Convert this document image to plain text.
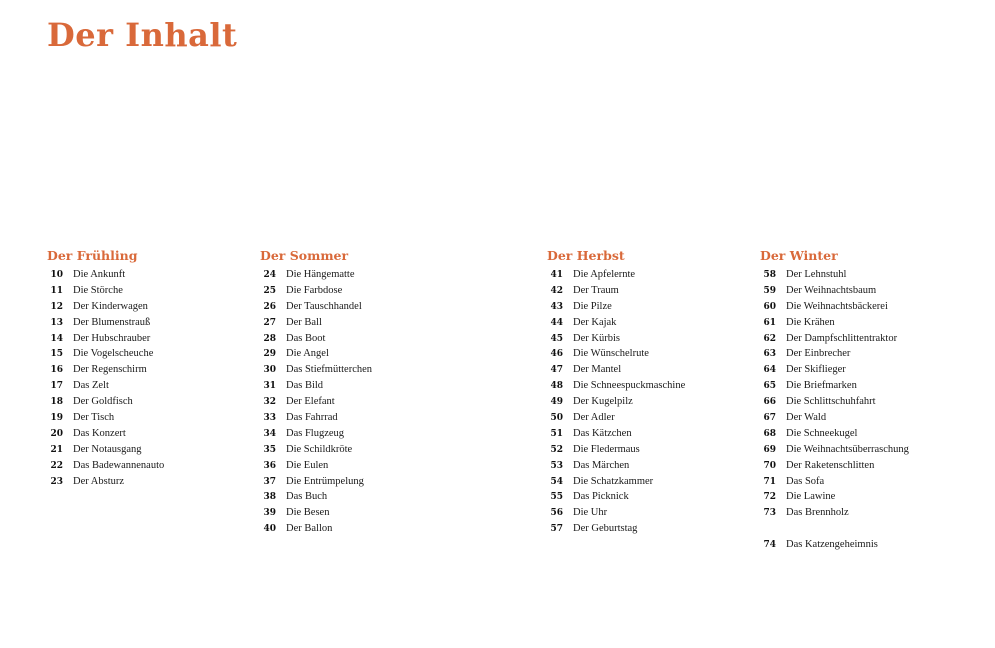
Der Inhalt
Der Frühling
10 Die Ankunft
11 Die Störche
12 Der Kinderwagen
13 Der Blumenstrauß
14 Der Hubschrauber
15 Die Vogelscheuche
16 Der Regenschirm
17 Das Zelt
18 Der Goldfisch
19 Der Tisch
20 Das Konzert
21 Der Notausgang
22 Das Badewannenauto
23 Der Absturz
Der Sommer
24 Die Hängematte
25 Die Farbdose
26 Der Tauschhandel
27 Der Ball
28 Das Boot
29 Die Angel
30 Das Stiefmütterchen
31 Das Bild
32 Der Elefant
33 Das Fahrrad
34 Das Flugzeug
35 Die Schildkröte
36 Die Eulen
37 Die Entrümpelung
38 Das Buch
39 Die Besen
40 Der Ballon
Der Herbst
41 Die Apfelernte
42 Der Traum
43 Die Pilze
44 Der Kajak
45 Der Kürbis
46 Die Wünschelrute
47 Der Mantel
48 Die Schneespuckmaschine
49 Der Kugelpilz
50 Der Adler
51 Das Kätzchen
52 Die Fledermaus
53 Das Märchen
54 Die Schatzkammer
55 Das Picknick
56 Die Uhr
57 Der Geburtstag
Der Winter
58 Der Lehnstuhl
59 Der Weihnachtsbaum
60 Die Weihnachtsbäckerei
61 Die Krähen
62 Der Dampfschlittentraktor
63 Der Einbrecher
64 Der Skiflieger
65 Die Briefmarken
66 Die Schlittschuhfahrt
67 Der Wald
68 Die Schneekugel
69 Die Weihnachtsüberraschung
70 Der Raketenschlitten
71 Das Sofa
72 Die Lawine
73 Das Brennholz
74 Das Katzengeheimnis
